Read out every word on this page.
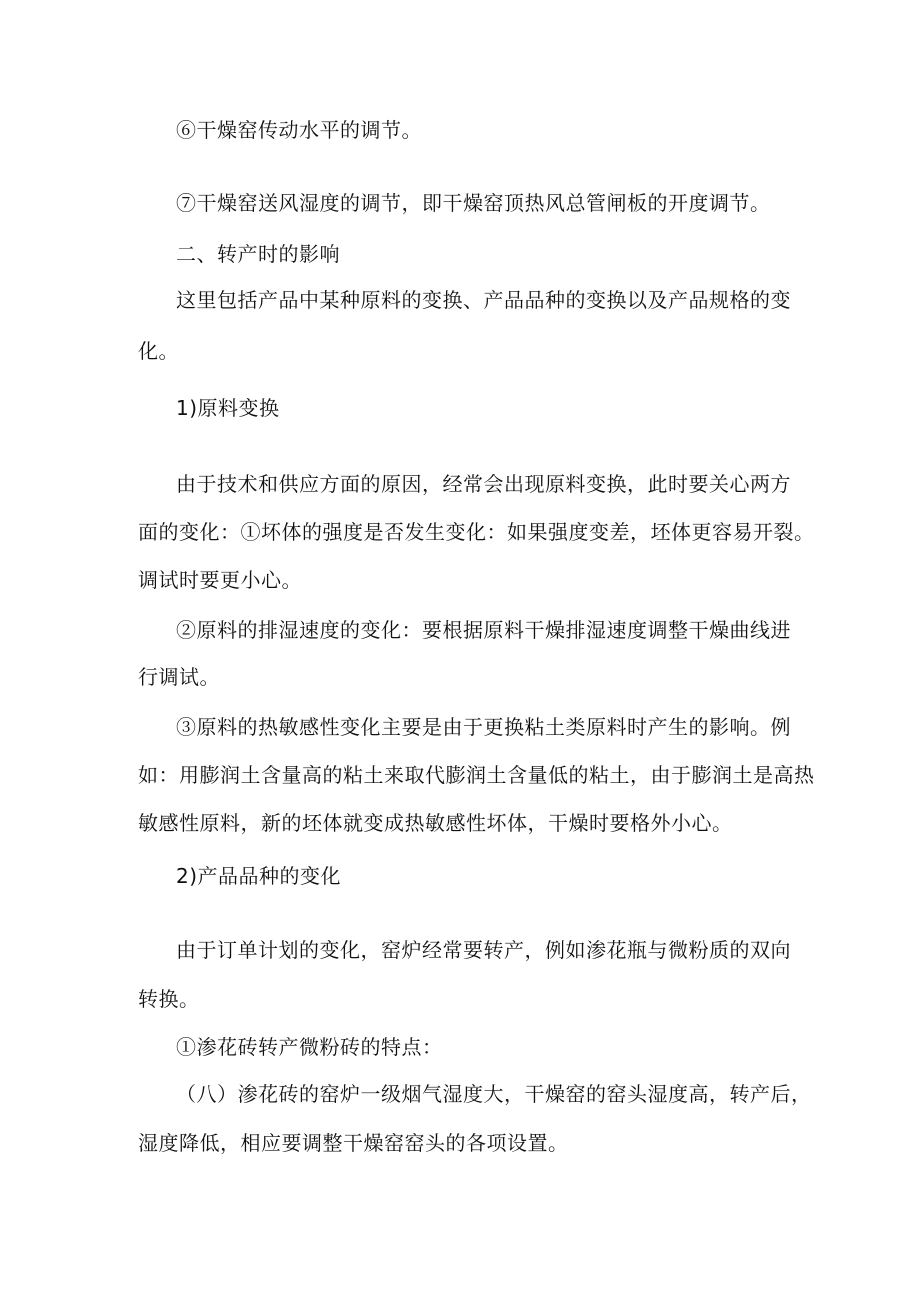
⑥干燥窑传动水平的调节。
⑦干燥窑送风湿度的调节，即干燥窑顶热风总管闸板的开度调节。
二、转产时的影响
这里包括产品中某种原料的变换、产品品种的变换以及产品规格的变
化。
1)原料变换
由于技术和供应方面的原因，经常会出现原料变换，此时要关心两方
面的变化：①坏体的强度是否发生变化：如果强度变差，坯体更容易开裂。
调试时要更小心。
②原料的排湿速度的变化：要根据原料干燥排湿速度调整干燥曲线进
行调试。
③原料的热敏感性变化主要是由于更换粘土类原料时产生的影响。例
如：用膨润土含量高的粘土来取代膨润土含量低的粘土，由于膨润土是高热
敏感性原料，新的坯体就变成热敏感性坏体，干燥时要格外小心。
2)产品品种的变化
由于订单计划的变化，窑炉经常要转产，例如渗花瓶与微粉质的双向
转换。
①渗花砖转产微粉砖的特点：
（八）渗花砖的窑炉一级烟气湿度大，干燥窑的窑头湿度高，转产后，
湿度降低，相应要调整干燥窑窑头的各项设置。
